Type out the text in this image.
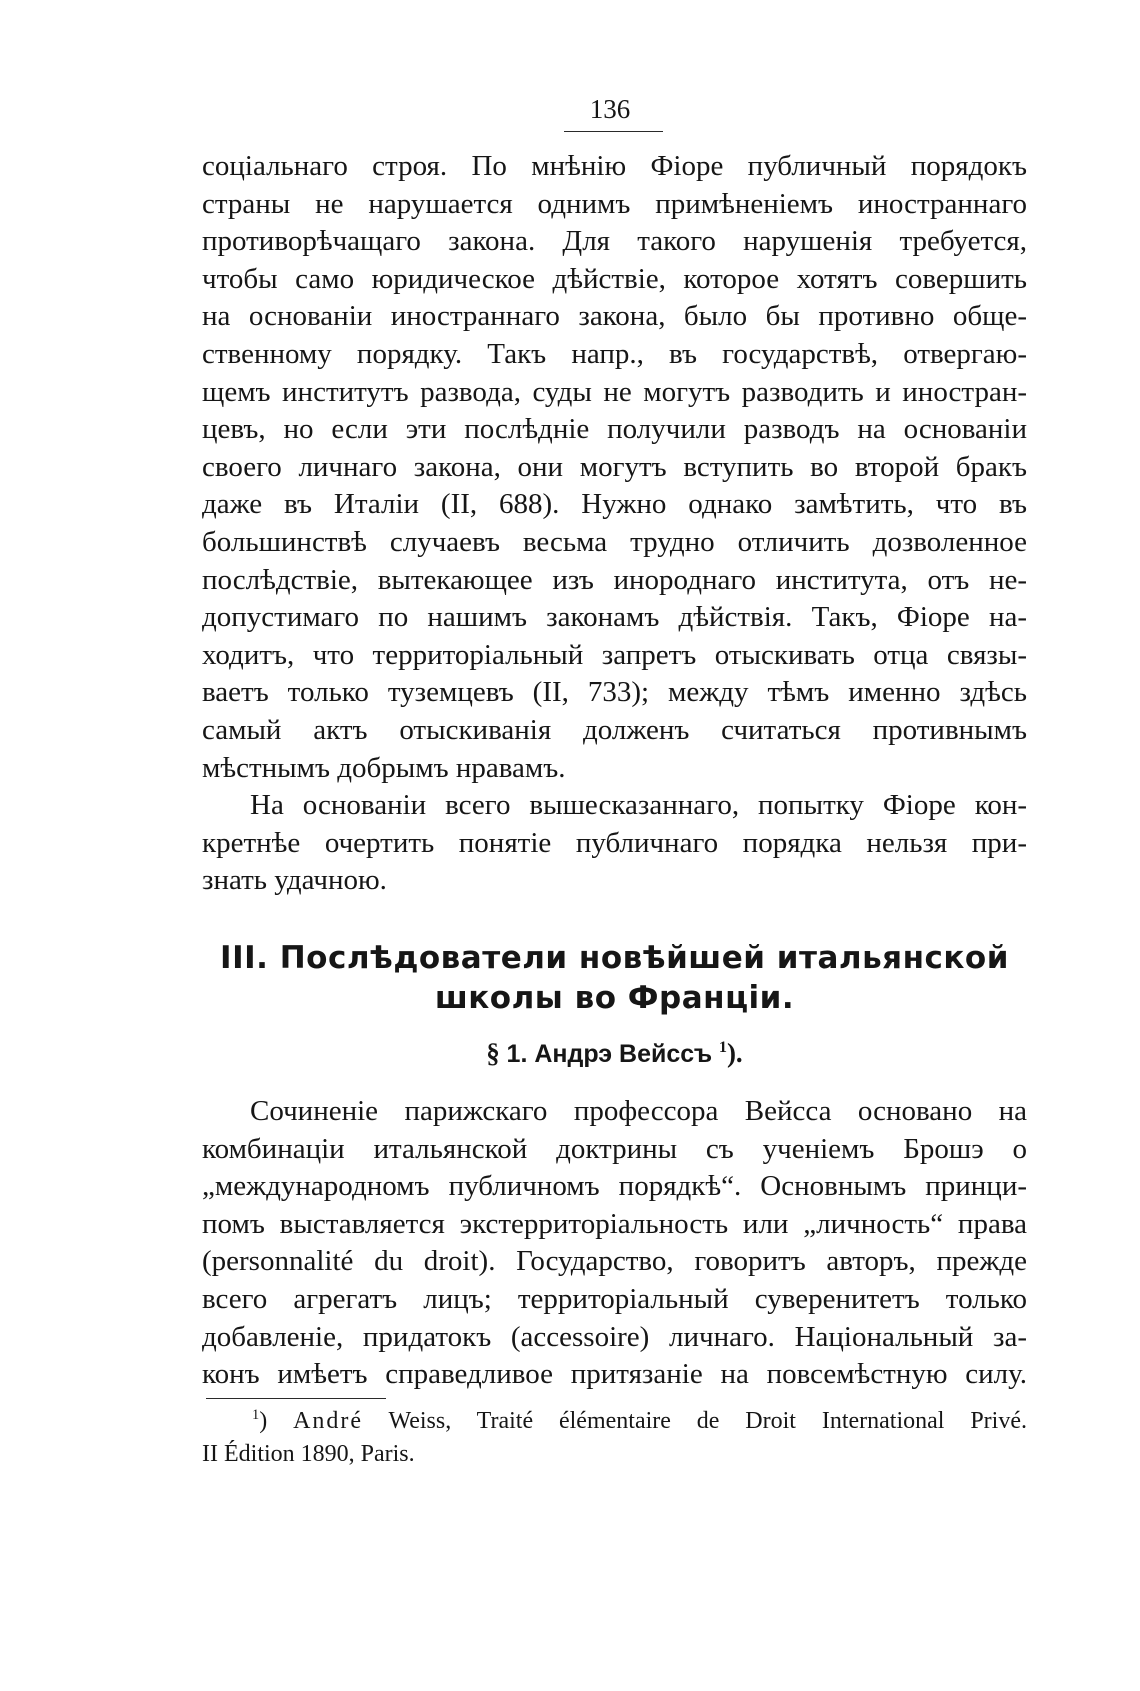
136

соціальнаго строя. По мнѣнію Фіоре публичный порядокъ
страны не нарушается однимъ примѣненіемъ иностраннаго
противорѣчащаго закона. Для такого нарушенія требуется,
чтобы само юридическое дѣйствіе, которое хотятъ совершить
на основаніи иностраннаго закона, было бы противно обще-
ственному порядку. Такъ напр., въ государствѣ, отвергаю-
щемъ институтъ развода, суды не могутъ разводить и иностран-
цевъ, но если эти послѣдніе получили разводъ на основаніи
своего личнаго закона, они могутъ вступить во второй бракъ
даже въ Италіи (II, 688). Нужно однако замѣтить, что въ
большинствѣ случаевъ весьма трудно отличить дозволенное
послѣдствіе, вытекающее изъ инороднаго института, отъ не-
допустимаго по нашимъ законамъ дѣйствія. Такъ, Фіоре на-
ходитъ, что территоріальный запретъ отыскивать отца связы-
ваетъ только туземцевъ (II, 733); между тѣмъ именно здѣсь
самый актъ отыскиванія долженъ считаться противнымъ
мѣстнымъ добрымъ нравамъ.
На основаніи всего вышесказаннаго, попытку Фіоре кон-
кретнѣе очертить понятіе публичнаго порядка нельзя при-
знать удачною.
III. Послѣдователи новѣйшей итальянской
школы во Франціи.
§ 1. Андрэ Вейссъ $^1$).
Сочиненіе парижскаго профессора Вейсса основано на
комбинаціи итальянской доктрины съ ученіемъ Брошэ о
„международномъ публичномъ порядкѣ“. Основнымъ принци-
помъ выставляется экстерриторіальность или „личность“ права
(personnalité du droit). Государство, говоритъ авторъ, прежде
всего агрегатъ лицъ; территоріальный суверенитетъ только
добавленіе, придатокъ (accessoire) личнаго. Національный за-
конъ имѣетъ справедливое притязаніе на повсемѣстную силу.
$^1$) André Weiss, Traité élémentaire de Droit International Privé.
II Édition 1890, Paris.
